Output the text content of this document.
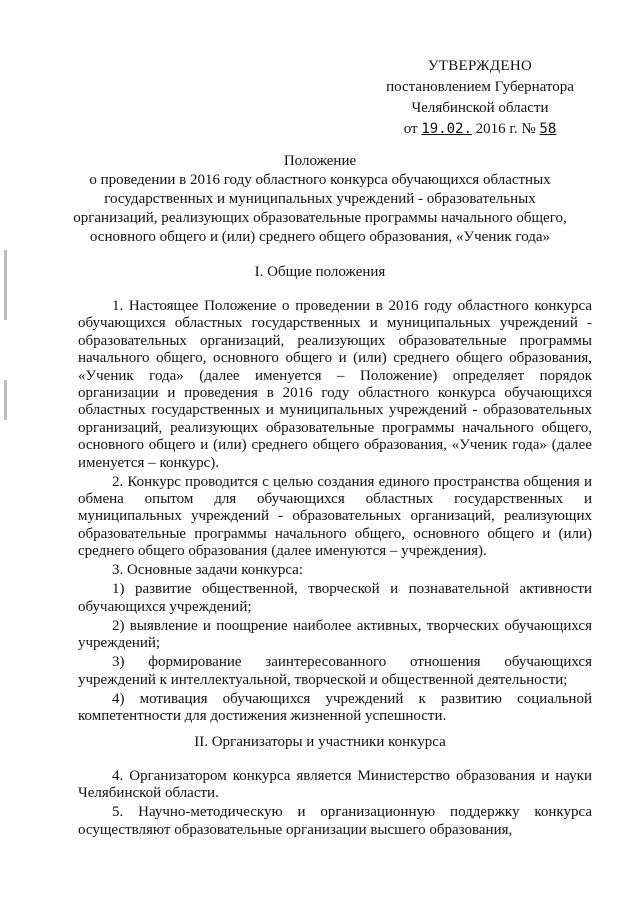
УТВЕРЖДЕНО
постановлением Губернатора
Челябинской области
от 19.02. 2016 г. № 58
Положение
о проведении в 2016 году областного конкурса обучающихся областных
государственных и муниципальных учреждений - образовательных
организаций, реализующих образовательные программы начального общего,
основного общего и (или) среднего общего образования, «Ученик года»
I. Общие положения

1. Настоящее Положение о проведении в 2016 году областного конкурса обучающихся областных государственных и муниципальных учреждений - образовательных организаций, реализующих образовательные программы начального общего, основного общего и (или) среднего общего образования, «Ученик года» (далее именуется – Положение) определяет порядок организации и проведения в 2016 году областного конкурса обучающихся областных государственных и муниципальных учреждений - образовательных организаций, реализующих образовательные программы начального общего, основного общего и (или) среднего общего образования, «Ученик года» (далее именуется – конкурс).

2. Конкурс проводится с целью создания единого пространства общения и обмена опытом для обучающихся областных государственных и муниципальных учреждений - образовательных организаций, реализующих образовательные программы начального общего, основного общего и (или) среднего общего образования (далее именуются – учреждения).

3. Основные задачи конкурса:

1) развитие общественной, творческой и познавательной активности обучающихся учреждений;

2) выявление и поощрение наиболее активных, творческих обучающихся учреждений;

3) формирование заинтересованного отношения обучающихся учреждений к интеллектуальной, творческой и общественной деятельности;

4) мотивация обучающихся учреждений к развитию социальной компетентности для достижения жизненной успешности.

II. Организаторы и участники конкурса

4. Организатором конкурса является Министерство образования и науки Челябинской области.

5. Научно-методическую и организационную поддержку конкурса осуществляют образовательные организации высшего образования,
